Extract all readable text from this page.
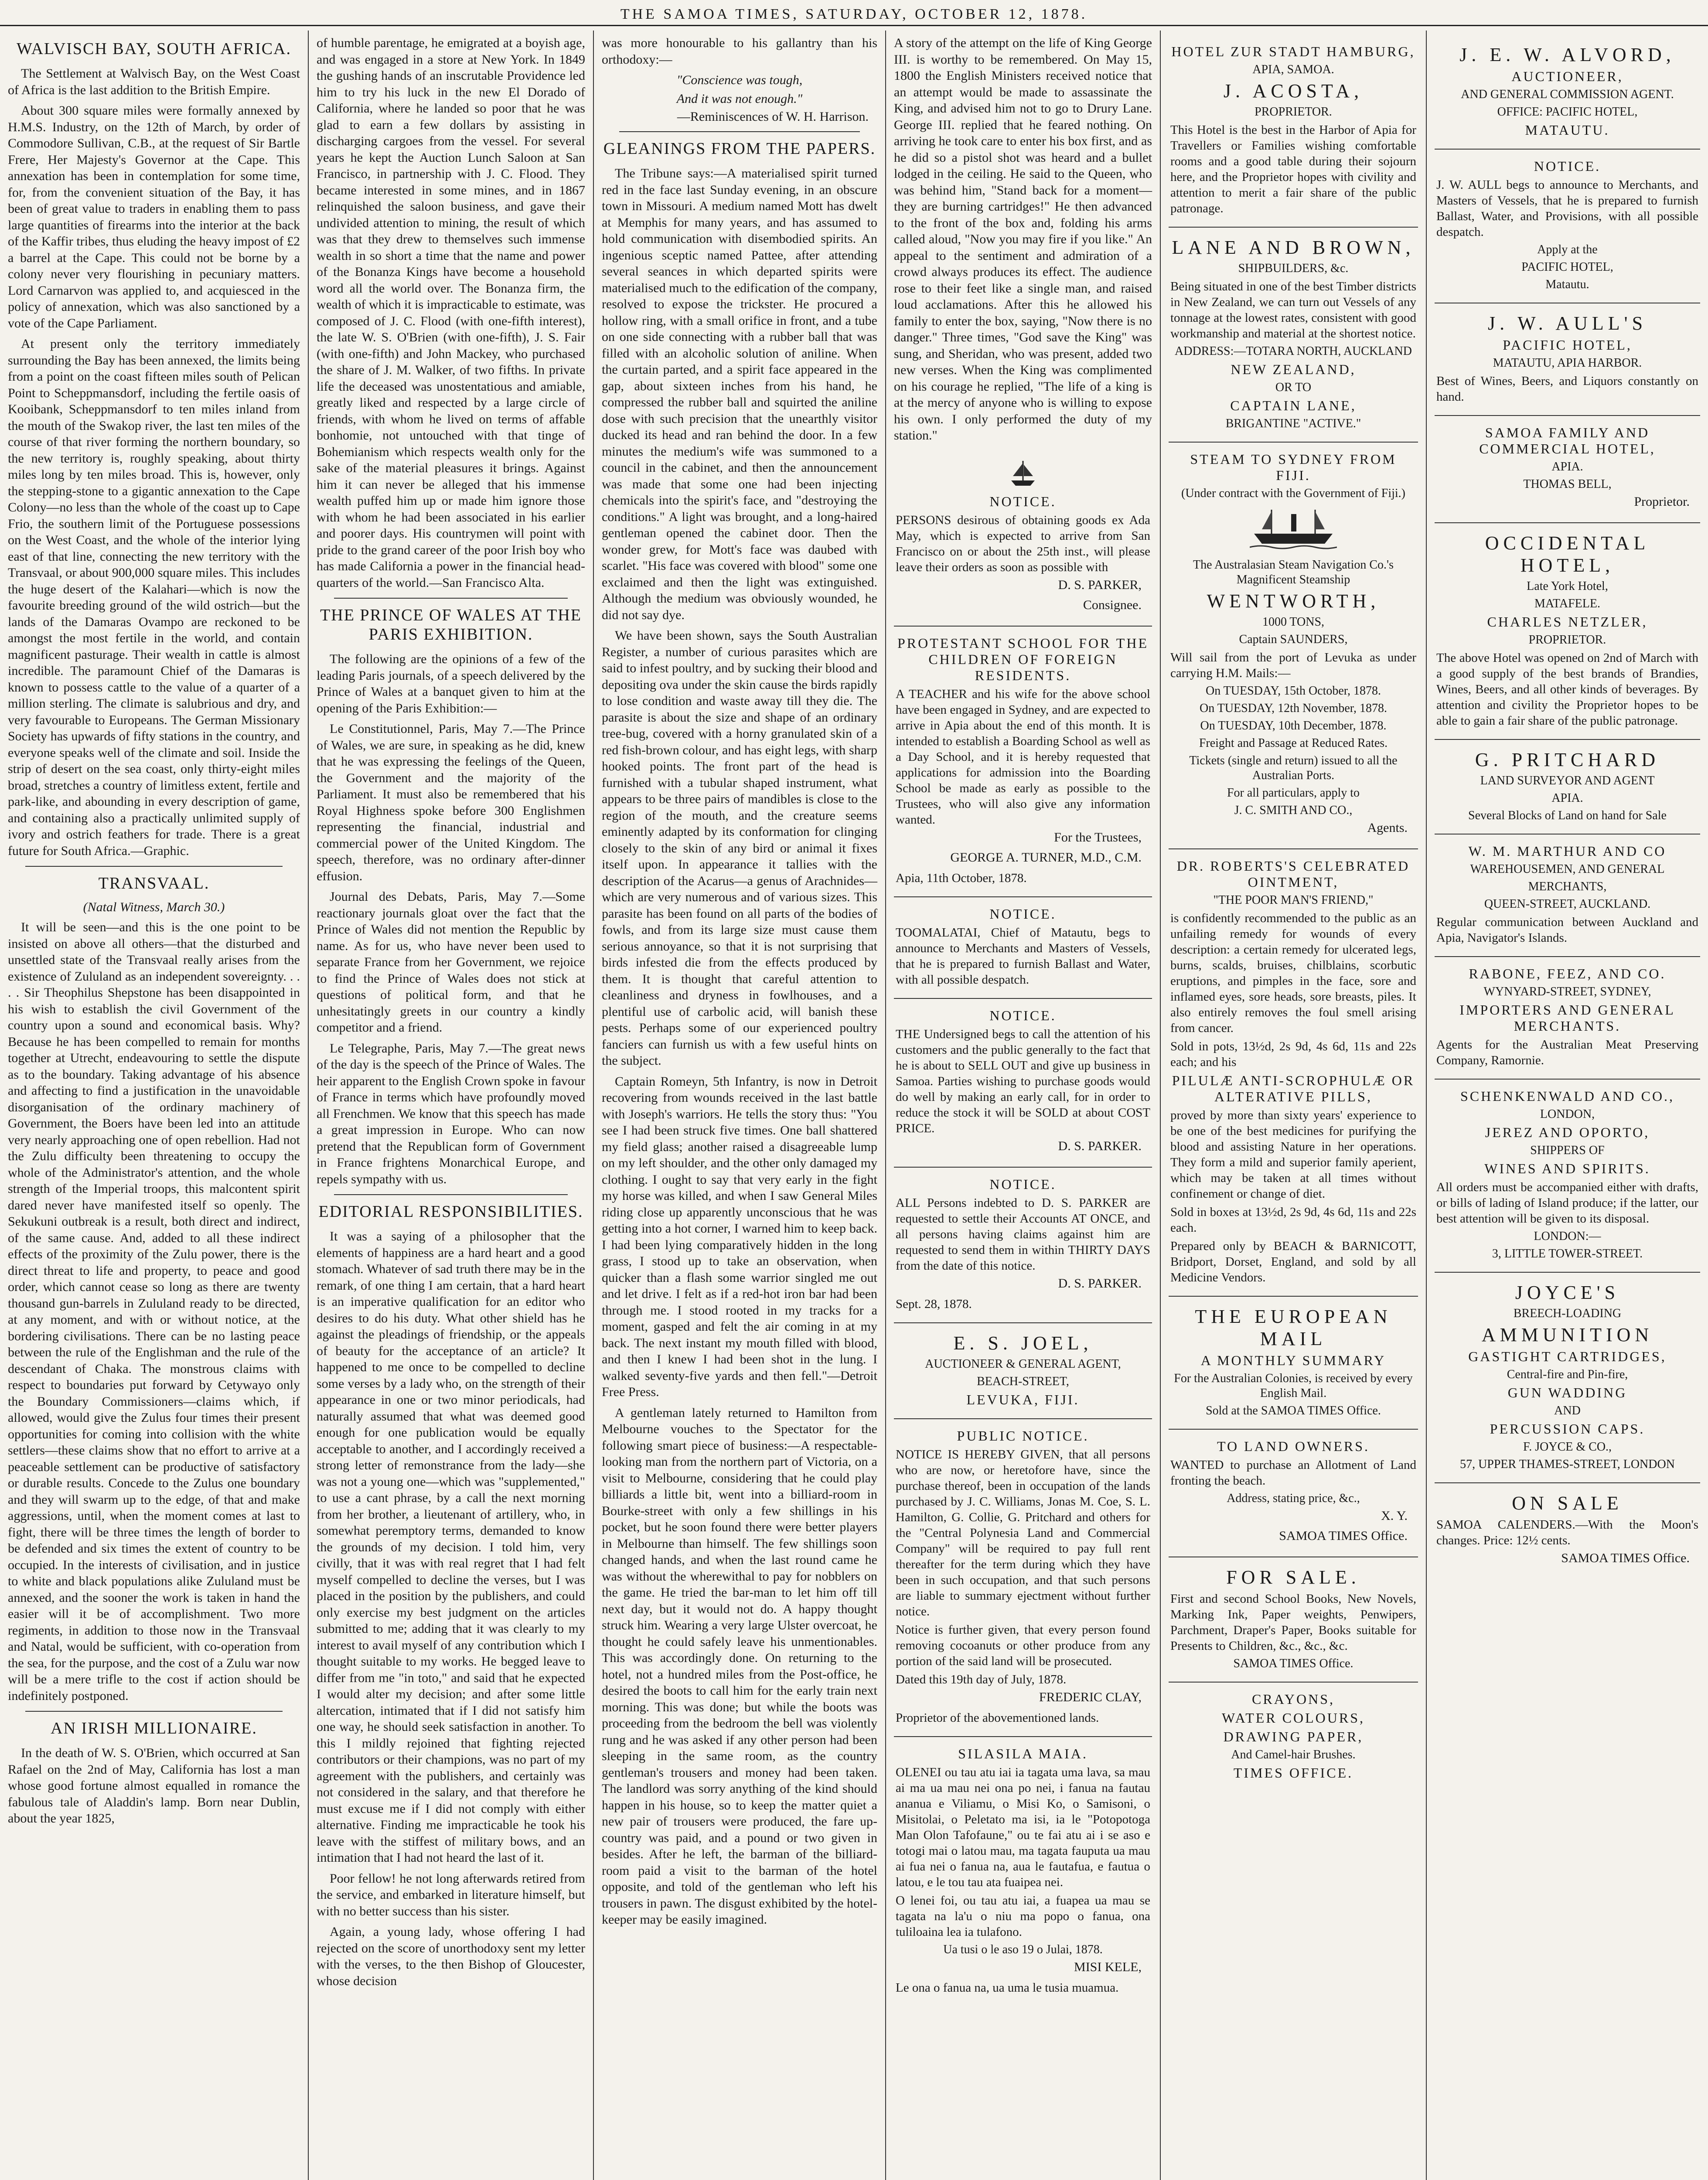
THE SAMOA TIMES, SATURDAY, OCTOBER 12, 1878.
WALVISCH BAY, SOUTH AFRICA.

The Settlement at Walvisch Bay, on the West Coast of Africa is the last addition to the British Empire.

About 300 square miles were formally annexed by H.M.S. Industry, on the 12th of March, by order of Commodore Sullivan, C.B., at the request of Sir Bartle Frere, Her Majesty's Governor at the Cape. This annexation has been in contemplation for some time, for, from the convenient situation of the Bay, it has been of great value to traders in enabling them to pass large quantities of firearms into the interior at the back of the Kaffir tribes, thus eluding the heavy impost of £2 a barrel at the Cape. This could not be borne by a colony never very flourishing in pecuniary matters. Lord Carnarvon was applied to, and acquiesced in the policy of annexation, which was also sanctioned by a vote of the Cape Parliament.

At present only the territory immediately surrounding the Bay has been annexed, the limits being from a point on the coast fifteen miles south of Pelican Point to Scheppmansdorf, including the fertile oasis of Kooibank, Scheppmansdorf to ten miles inland from the mouth of the Swakop river, the last ten miles of the course of that river forming the northern boundary, so the new territory is, roughly speaking, about thirty miles long by ten miles broad. This is, however, only the stepping-stone to a gigantic annexation to the Cape Colony—no less than the whole of the coast up to Cape Frio, the southern limit of the Portuguese possessions on the West Coast, and the whole of the interior lying east of that line, connecting the new territory with the Transvaal, or about 900,000 square miles. This includes the huge desert of the Kalahari—which is now the favourite breeding ground of the wild ostrich—but the lands of the Damaras Ovampo are reckoned to be amongst the most fertile in the world, and contain magnificent pasturage. Their wealth in cattle is almost incredible. The paramount Chief of the Damaras is known to possess cattle to the value of a quarter of a million sterling. The climate is salubrious and dry, and very favourable to Europeans. The German Missionary Society has upwards of fifty stations in the country, and everyone speaks well of the climate and soil. Inside the strip of desert on the sea coast, only thirty-eight miles broad, stretches a country of limitless extent, fertile and park-like, and abounding in every description of game, and containing also a practically unlimited supply of ivory and ostrich feathers for trade. There is a great future for South Africa.—Graphic.

TRANSVAAL.
(Natal Witness, March 30.)

It will be seen—and this is the one point to be insisted on above all others—that the disturbed and unsettled state of the Transvaal really arises from the existence of Zululand as an independent sovereignty. . . . . Sir Theophilus Shepstone has been disappointed in his wish to establish the civil Government of the country upon a sound and economical basis. Why? Because he has been compelled to remain for months together at Utrecht, endeavouring to settle the dispute as to the boundary. Taking advantage of his absence and affecting to find a justification in the unavoidable disorganisation of the ordinary machinery of Government, the Boers have been led into an attitude very nearly approaching one of open rebellion. Had not the Zulu difficulty been threatening to occupy the whole of the Administrator's attention, and the whole strength of the Imperial troops, this malcontent spirit dared never have manifested itself so openly. The Sekukuni outbreak is a result, both direct and indirect, of the same cause. And, added to all these indirect effects of the proximity of the Zulu power, there is the direct threat to life and property, to peace and good order, which cannot cease so long as there are twenty thousand gun-barrels in Zululand ready to be directed, at any moment, and with or without notice, at the bordering civilisations. There can be no lasting peace between the rule of the Englishman and the rule of the descendant of Chaka. The monstrous claims with respect to boundaries put forward by Cetywayo only the Boundary Commissioners—claims which, if allowed, would give the Zulus four times their present opportunities for coming into collision with the white settlers—these claims show that no effort to arrive at a peaceable settlement can be productive of satisfactory or durable results. Concede to the Zulus one boundary and they will swarm up to the edge, of that and make aggressions, until, when the moment comes at last to fight, there will be three times the length of border to be defended and six times the extent of country to be occupied. In the interests of civilisation, and in justice to white and black populations alike Zululand must be annexed, and the sooner the work is taken in hand the easier will it be of accomplishment. Two more regiments, in addition to those now in the Transvaal and Natal, would be sufficient, with co-operation from the sea, for the purpose, and the cost of a Zulu war now will be a mere trifle to the cost if action should be indefinitely postponed.

AN IRISH MILLIONAIRE.

In the death of W. S. O'Brien, which occurred at San Rafael on the 2nd of May, California has lost a man whose good fortune almost equalled in romance the fabulous tale of Aladdin's lamp. Born near Dublin, about the year 1825,

of humble parentage, he emigrated at a boyish age, and was engaged in a store at New York. In 1849 the gushing hands of an inscrutable Providence led him to try his luck in the new El Dorado of California, where he landed so poor that he was glad to earn a few dollars by assisting in discharging cargoes from the vessel. For several years he kept the Auction Lunch Saloon at San Francisco, in partnership with J. C. Flood. They became interested in some mines, and in 1867 relinquished the saloon business, and gave their undivided attention to mining, the result of which was that they drew to themselves such immense wealth in so short a time that the name and power of the Bonanza Kings have become a household word all the world over. The Bonanza firm, the wealth of which it is impracticable to estimate, was composed of J. C. Flood (with one-fifth interest), the late W. S. O'Brien (with one-fifth), J. S. Fair (with one-fifth) and John Mackey, who purchased the share of J. M. Walker, of two fifths. In private life the deceased was unostentatious and amiable, greatly liked and respected by a large circle of friends, with whom he lived on terms of affable bonhomie, not untouched with that tinge of Bohemianism which respects wealth only for the sake of the material pleasures it brings. Against him it can never be alleged that his immense wealth puffed him up or made him ignore those with whom he had been associated in his earlier and poorer days. His countrymen will point with pride to the grand career of the poor Irish boy who has made California a power in the financial head-quarters of the world.—San Francisco Alta.

THE PRINCE OF WALES AT THE PARIS EXHIBITION.

The following are the opinions of a few of the leading Paris journals, of a speech delivered by the Prince of Wales at a banquet given to him at the opening of the Paris Exhibition:—

Le Constitutionnel, Paris, May 7.—The Prince of Wales, we are sure, in speaking as he did, knew that he was expressing the feelings of the Queen, the Government and the majority of the Parliament. It must also be remembered that his Royal Highness spoke before 300 Englishmen representing the financial, industrial and commercial power of the United Kingdom. The speech, therefore, was no ordinary after-dinner effusion.

Journal des Debats, Paris, May 7.—Some reactionary journals gloat over the fact that the Prince of Wales did not mention the Republic by name. As for us, who have never been used to separate France from her Government, we rejoice to find the Prince of Wales does not stick at questions of political form, and that he unhesitatingly greets in our country a kindly competitor and a friend.

Le Telegraphe, Paris, May 7.—The great news of the day is the speech of the Prince of Wales. The heir apparent to the English Crown spoke in favour of France in terms which have profoundly moved all Frenchmen. We know that this speech has made a great impression in Europe. Who can now pretend that the Republican form of Government in France frightens Monarchical Europe, and repels sympathy with us.

EDITORIAL RESPONSIBILITIES.

It was a saying of a philosopher that the elements of happiness are a hard heart and a good stomach. Whatever of sad truth there may be in the remark, of one thing I am certain, that a hard heart is an imperative qualification for an editor who desires to do his duty. What other shield has he against the pleadings of friendship, or the appeals of beauty for the acceptance of an article? It happened to me once to be compelled to decline some verses by a lady who, on the strength of their appearance in one or two minor periodicals, had naturally assumed that what was deemed good enough for one publication would be equally acceptable to another, and I accordingly received a strong letter of remonstrance from the lady—she was not a young one—which was "supplemented," to use a cant phrase, by a call the next morning from her brother, a lieutenant of artillery, who, in somewhat peremptory terms, demanded to know the grounds of my decision. I told him, very civilly, that it was with real regret that I had felt myself compelled to decline the verses, but I was placed in the position by the publishers, and could only exercise my best judgment on the articles submitted to me; adding that it was clearly to my interest to avail myself of any contribution which I thought suitable to my works. He begged leave to differ from me "in toto," and said that he expected I would alter my decision; and after some little altercation, intimated that if I did not satisfy him one way, he should seek satisfaction in another. To this I mildly rejoined that fighting rejected contributors or their champions, was no part of my agreement with the publishers, and certainly was not considered in the salary, and that therefore he must excuse me if I did not comply with either alternative. Finding me impracticable he took his leave with the stiffest of military bows, and an intimation that I had not heard the last of it.

Poor fellow! he not long afterwards retired from the service, and embarked in literature himself, but with no better success than his sister.

Again, a young lady, whose offering I had rejected on the score of unorthodoxy sent my letter with the verses, to the then Bishop of Gloucester, whose decision

was more honourable to his gallantry than his orthodoxy:—

"Conscience was tough,
And it was not enough."
—Reminiscences of W. H. Harrison.
GLEANINGS FROM THE PAPERS.

The Tribune says:—A materialised spirit turned red in the face last Sunday evening, in an obscure town in Missouri. A medium named Mott has dwelt at Memphis for many years, and has assumed to hold communication with disembodied spirits. An ingenious sceptic named Pattee, after attending several seances in which departed spirits were materialised much to the edification of the company, resolved to expose the trickster. He procured a hollow ring, with a small orifice in front, and a tube on one side connecting with a rubber ball that was filled with an alcoholic solution of aniline. When the curtain parted, and a spirit face appeared in the gap, about sixteen inches from his hand, he compressed the rubber ball and squirted the aniline dose with such precision that the unearthly visitor ducked its head and ran behind the door. In a few minutes the medium's wife was summoned to a council in the cabinet, and then the announcement was made that some one had been injecting chemicals into the spirit's face, and "destroying the conditions." A light was brought, and a long-haired gentleman opened the cabinet door. Then the wonder grew, for Mott's face was daubed with scarlet. "His face was covered with blood" some one exclaimed and then the light was extinguished. Although the medium was obviously wounded, he did not say dye.

We have been shown, says the South Australian Register, a number of curious parasites which are said to infest poultry, and by sucking their blood and depositing ova under the skin cause the birds rapidly to lose condition and waste away till they die. The parasite is about the size and shape of an ordinary tree-bug, covered with a horny granulated skin of a red fish-brown colour, and has eight legs, with sharp hooked points. The front part of the head is furnished with a tubular shaped instrument, what appears to be three pairs of mandibles is close to the region of the mouth, and the creature seems eminently adapted by its conformation for clinging closely to the skin of any bird or animal it fixes itself upon. In appearance it tallies with the description of the Acarus—a genus of Arachnides—which are very numerous and of various sizes. This parasite has been found on all parts of the bodies of fowls, and from its large size must cause them serious annoyance, so that it is not surprising that birds infested die from the effects produced by them. It is thought that careful attention to cleanliness and dryness in fowlhouses, and a plentiful use of carbolic acid, will banish these pests. Perhaps some of our experienced poultry fanciers can furnish us with a few useful hints on the subject.

Captain Romeyn, 5th Infantry, is now in Detroit recovering from wounds received in the last battle with Joseph's warriors. He tells the story thus: "You see I had been struck five times. One ball shattered my field glass; another raised a disagreeable lump on my left shoulder, and the other only damaged my clothing. I ought to say that very early in the fight my horse was killed, and when I saw General Miles riding close up apparently unconscious that he was getting into a hot corner, I warned him to keep back. I had been lying comparatively hidden in the long grass, I stood up to take an observation, when quicker than a flash some warrior singled me out and let drive. I felt as if a red-hot iron bar had been through me. I stood rooted in my tracks for a moment, gasped and felt the air coming in at my back. The next instant my mouth filled with blood, and then I knew I had been shot in the lung. I walked seventy-five yards and then fell."—Detroit Free Press.

A gentleman lately returned to Hamilton from Melbourne vouches to the Spectator for the following smart piece of business:—A respectable-looking man from the northern part of Victoria, on a visit to Melbourne, considering that he could play billiards a little bit, went into a billiard-room in Bourke-street with only a few shillings in his pocket, but he soon found there were better players in Melbourne than himself. The few shillings soon changed hands, and when the last round came he was without the wherewithal to pay for nobblers on the game. He tried the bar-man to let him off till next day, but it would not do. A happy thought struck him. Wearing a very large Ulster overcoat, he thought he could safely leave his unmentionables. This was accordingly done. On returning to the hotel, not a hundred miles from the Post-office, he desired the boots to call him for the early train next morning. This was done; but while the boots was proceeding from the bedroom the bell was violently rung and he was asked if any other person had been sleeping in the same room, as the country gentleman's trousers and money had been taken. The landlord was sorry anything of the kind should happen in his house, so to keep the matter quiet a new pair of trousers were produced, the fare up-country was paid, and a pound or two given in besides. After he left, the barman of the billiard-room paid a visit to the barman of the hotel opposite, and told of the gentleman who left his trousers in pawn. The disgust exhibited by the hotel-keeper may be easily imagined.

A story of the attempt on the life of King George III. is worthy to be remembered. On May 15, 1800 the English Ministers received notice that an attempt would be made to assassinate the King, and advised him not to go to Drury Lane. George III. replied that he feared nothing. On arriving he took care to enter his box first, and as he did so a pistol shot was heard and a bullet lodged in the ceiling. He said to the Queen, who was behind him, "Stand back for a moment—they are burning cartridges!" He then advanced to the front of the box and, folding his arms called aloud, "Now you may fire if you like." An appeal to the sentiment and admiration of a crowd always produces its effect. The audience rose to their feet like a single man, and raised loud acclamations. After this he allowed his family to enter the box, saying, "Now there is no danger." Three times, "God save the King" was sung, and Sheridan, who was present, added two new verses. When the King was complimented on his courage he replied, "The life of a king is at the mercy of anyone who is willing to expose his own. I only performed the duty of my station."

NOTICE.
PERSONS desirous of obtaining goods ex Ada May, which is expected to arrive from San Francisco on or about the 25th inst., will please leave their orders as soon as possible with
D. S. PARKER,
Consignee.
PROTESTANT SCHOOL FOR THE CHILDREN OF FOREIGN RESIDENTS.
A TEACHER and his wife for the above school have been engaged in Sydney, and are expected to arrive in Apia about the end of this month. It is intended to establish a Boarding School as well as a Day School, and it is hereby requested that applications for admission into the Boarding School be made as early as possible to the Trustees, who will also give any information wanted.
For the Trustees,
GEORGE A. TURNER, M.D., C.M.
Apia, 11th October, 1878.
NOTICE.
TOOMALATAI, Chief of Matautu, begs to announce to Merchants and Masters of Vessels, that he is prepared to furnish Ballast and Water, with all possible despatch.
NOTICE.
THE Undersigned begs to call the attention of his customers and the public generally to the fact that he is about to SELL OUT and give up business in Samoa. Parties wishing to purchase goods would do well by making an early call, for in order to reduce the stock it will be SOLD at about COST PRICE.
D. S. PARKER.
NOTICE.
ALL Persons indebted to D. S. PARKER are requested to settle their Accounts AT ONCE, and all persons having claims against him are requested to send them in within THIRTY DAYS from the date of this notice.
D. S. PARKER.
Sept. 28, 1878.
E. S. JOEL,
AUCTIONEER & GENERAL AGENT,
BEACH-STREET,
LEVUKA, FIJI.
PUBLIC NOTICE.
NOTICE IS HEREBY GIVEN, that all persons who are now, or heretofore have, since the purchase thereof, been in occupation of the lands purchased by J. C. Williams, Jonas M. Coe, S. L. Hamilton, G. Collie, G. Pritchard and others for the "Central Polynesia Land and Commercial Company" will be required to pay full rent thereafter for the term during which they have been in such occupation, and that such persons are liable to summary ejectment without further notice.
Notice is further given, that every person found removing cocoanuts or other produce from any portion of the said land will be prosecuted.
Dated this 19th day of July, 1878.
FREDERIC CLAY,
Proprietor of the abovementioned lands.
SILASILA MAIA.
OLENEI ou tau atu iai ia tagata uma lava, sa mau ai ma ua mau nei ona po nei, i fanua na fautau ananua e Viliamu, o Misi Ko, o Samisoni, o Misitolai, o Peletato ma isi, ia le "Potopotoga Man Olon Tafofaune," ou te fai atu ai i se aso e totogi mai o latou mau, ma tagata fauputa ua mau ai fua nei o fanua na, aua le fautafua, e fautua o latou, e le tou tau ata fuaipea nei.
O lenei foi, ou tau atu iai, a fuapea ua mau se tagata na la'u o niu ma popo o fanua, ona tuliloaina lea ia tulafono.
Ua tusi o le aso 19 o Julai, 1878.
MISI KELE,
Le ona o fanua na, ua uma le tusia muamua.
HOTEL ZUR STADT HAMBURG,
APIA, SAMOA.
J. ACOSTA,
PROPRIETOR.
This Hotel is the best in the Harbor of Apia for Travellers or Families wishing comfortable rooms and a good table during their sojourn here, and the Proprietor hopes with civility and attention to merit a fair share of the public patronage.
LANE AND BROWN,
SHIPBUILDERS, &c.
Being situated in one of the best Timber districts in New Zealand, we can turn out Vessels of any tonnage at the lowest rates, consistent with good workmanship and material at the shortest notice.
ADDRESS:—TOTARA NORTH, AUCKLAND
NEW ZEALAND,
OR TO
CAPTAIN LANE,
BRIGANTINE "ACTIVE."
STEAM TO SYDNEY FROM FIJI.
(Under contract with the Government of Fiji.)
The Australasian Steam Navigation Co.'s Magnificent Steamship
WENTWORTH,
1000 TONS,
Captain SAUNDERS,
Will sail from the port of Levuka as under carrying H.M. Mails:—
On TUESDAY, 15th October, 1878.
On TUESDAY, 12th November, 1878.
On TUESDAY, 10th December, 1878.
Freight and Passage at Reduced Rates.
Tickets (single and return) issued to all the Australian Ports.
For all particulars, apply to
J. C. SMITH AND CO.,
Agents.
DR. ROBERTS'S CELEBRATED OINTMENT,
"THE POOR MAN'S FRIEND,"
is confidently recommended to the public as an unfailing remedy for wounds of every description: a certain remedy for ulcerated legs, burns, scalds, bruises, chilblains, scorbutic eruptions, and pimples in the face, sore and inflamed eyes, sore heads, sore breasts, piles. It also entirely removes the foul smell arising from cancer.
Sold in pots, 13½d, 2s 9d, 4s 6d, 11s and 22s each; and his
PILULÆ ANTI-SCROPHULÆ OR ALTERATIVE PILLS,
proved by more than sixty years' experience to be one of the best medicines for purifying the blood and assisting Nature in her operations. They form a mild and superior family aperient, which may be taken at all times without confinement or change of diet.
Sold in boxes at 13½d, 2s 9d, 4s 6d, 11s and 22s each.
Prepared only by BEACH & BARNICOTT, Bridport, Dorset, England, and sold by all Medicine Vendors.
THE EUROPEAN MAIL
A MONTHLY SUMMARY
For the Australian Colonies, is received by every English Mail.
Sold at the SAMOA TIMES Office.
TO LAND OWNERS.
WANTED to purchase an Allotment of Land fronting the beach.
Address, stating price, &c.,
X. Y.
SAMOA TIMES Office.
FOR SALE.
First and second School Books, New Novels, Marking Ink, Paper weights, Penwipers, Parchment, Draper's Paper, Books suitable for Presents to Children, &c., &c., &c.
SAMOA TIMES Office.
CRAYONS,
WATER COLOURS,
DRAWING PAPER,
And Camel-hair Brushes.
TIMES OFFICE.
J. E. W. ALVORD,
AUCTIONEER,
AND GENERAL COMMISSION AGENT.
OFFICE: PACIFIC HOTEL,
MATAUTU.
NOTICE.
J. W. AULL begs to announce to Merchants, and Masters of Vessels, that he is prepared to furnish Ballast, Water, and Provisions, with all possible despatch.
Apply at the
PACIFIC HOTEL,
Matautu.
J. W. AULL'S
PACIFIC HOTEL,
MATAUTU, APIA HARBOR.
Best of Wines, Beers, and Liquors constantly on hand.
SAMOA FAMILY AND COMMERCIAL HOTEL,
APIA.
THOMAS BELL,
Proprietor.
OCCIDENTAL HOTEL,
Late York Hotel,
MATAFELE.
CHARLES NETZLER,
PROPRIETOR.
The above Hotel was opened on 2nd of March with a good supply of the best brands of Brandies, Wines, Beers, and all other kinds of beverages. By attention and civility the Proprietor hopes to be able to gain a fair share of the public patronage.
G. PRITCHARD
LAND SURVEYOR AND AGENT
APIA.
Several Blocks of Land on hand for Sale
W. M. MARTHUR AND CO
WAREHOUSEMEN, AND GENERAL
MERCHANTS,
QUEEN-STREET, AUCKLAND.
Regular communication between Auckland and Apia, Navigator's Islands.
RABONE, FEEZ, AND CO.
WYNYARD-STREET, SYDNEY,
IMPORTERS AND GENERAL MERCHANTS.
Agents for the Australian Meat Preserving Company, Ramornie.
SCHENKENWALD AND CO.,
LONDON,
JEREZ AND OPORTO,
SHIPPERS OF
WINES AND SPIRITS.
All orders must be accompanied either with drafts, or bills of lading of Island produce; if the latter, our best attention will be given to its disposal.
LONDON:—
3, LITTLE TOWER-STREET.
JOYCE'S
BREECH-LOADING
AMMUNITION
GASTIGHT CARTRIDGES,
Central-fire and Pin-fire,
GUN WADDING
AND
PERCUSSION CAPS.
F. JOYCE & CO.,
57, UPPER THAMES-STREET, LONDON
ON SALE
SAMOA CALENDERS.—With the Moon's changes. Price: 12½ cents.
SAMOA TIMES Office.
